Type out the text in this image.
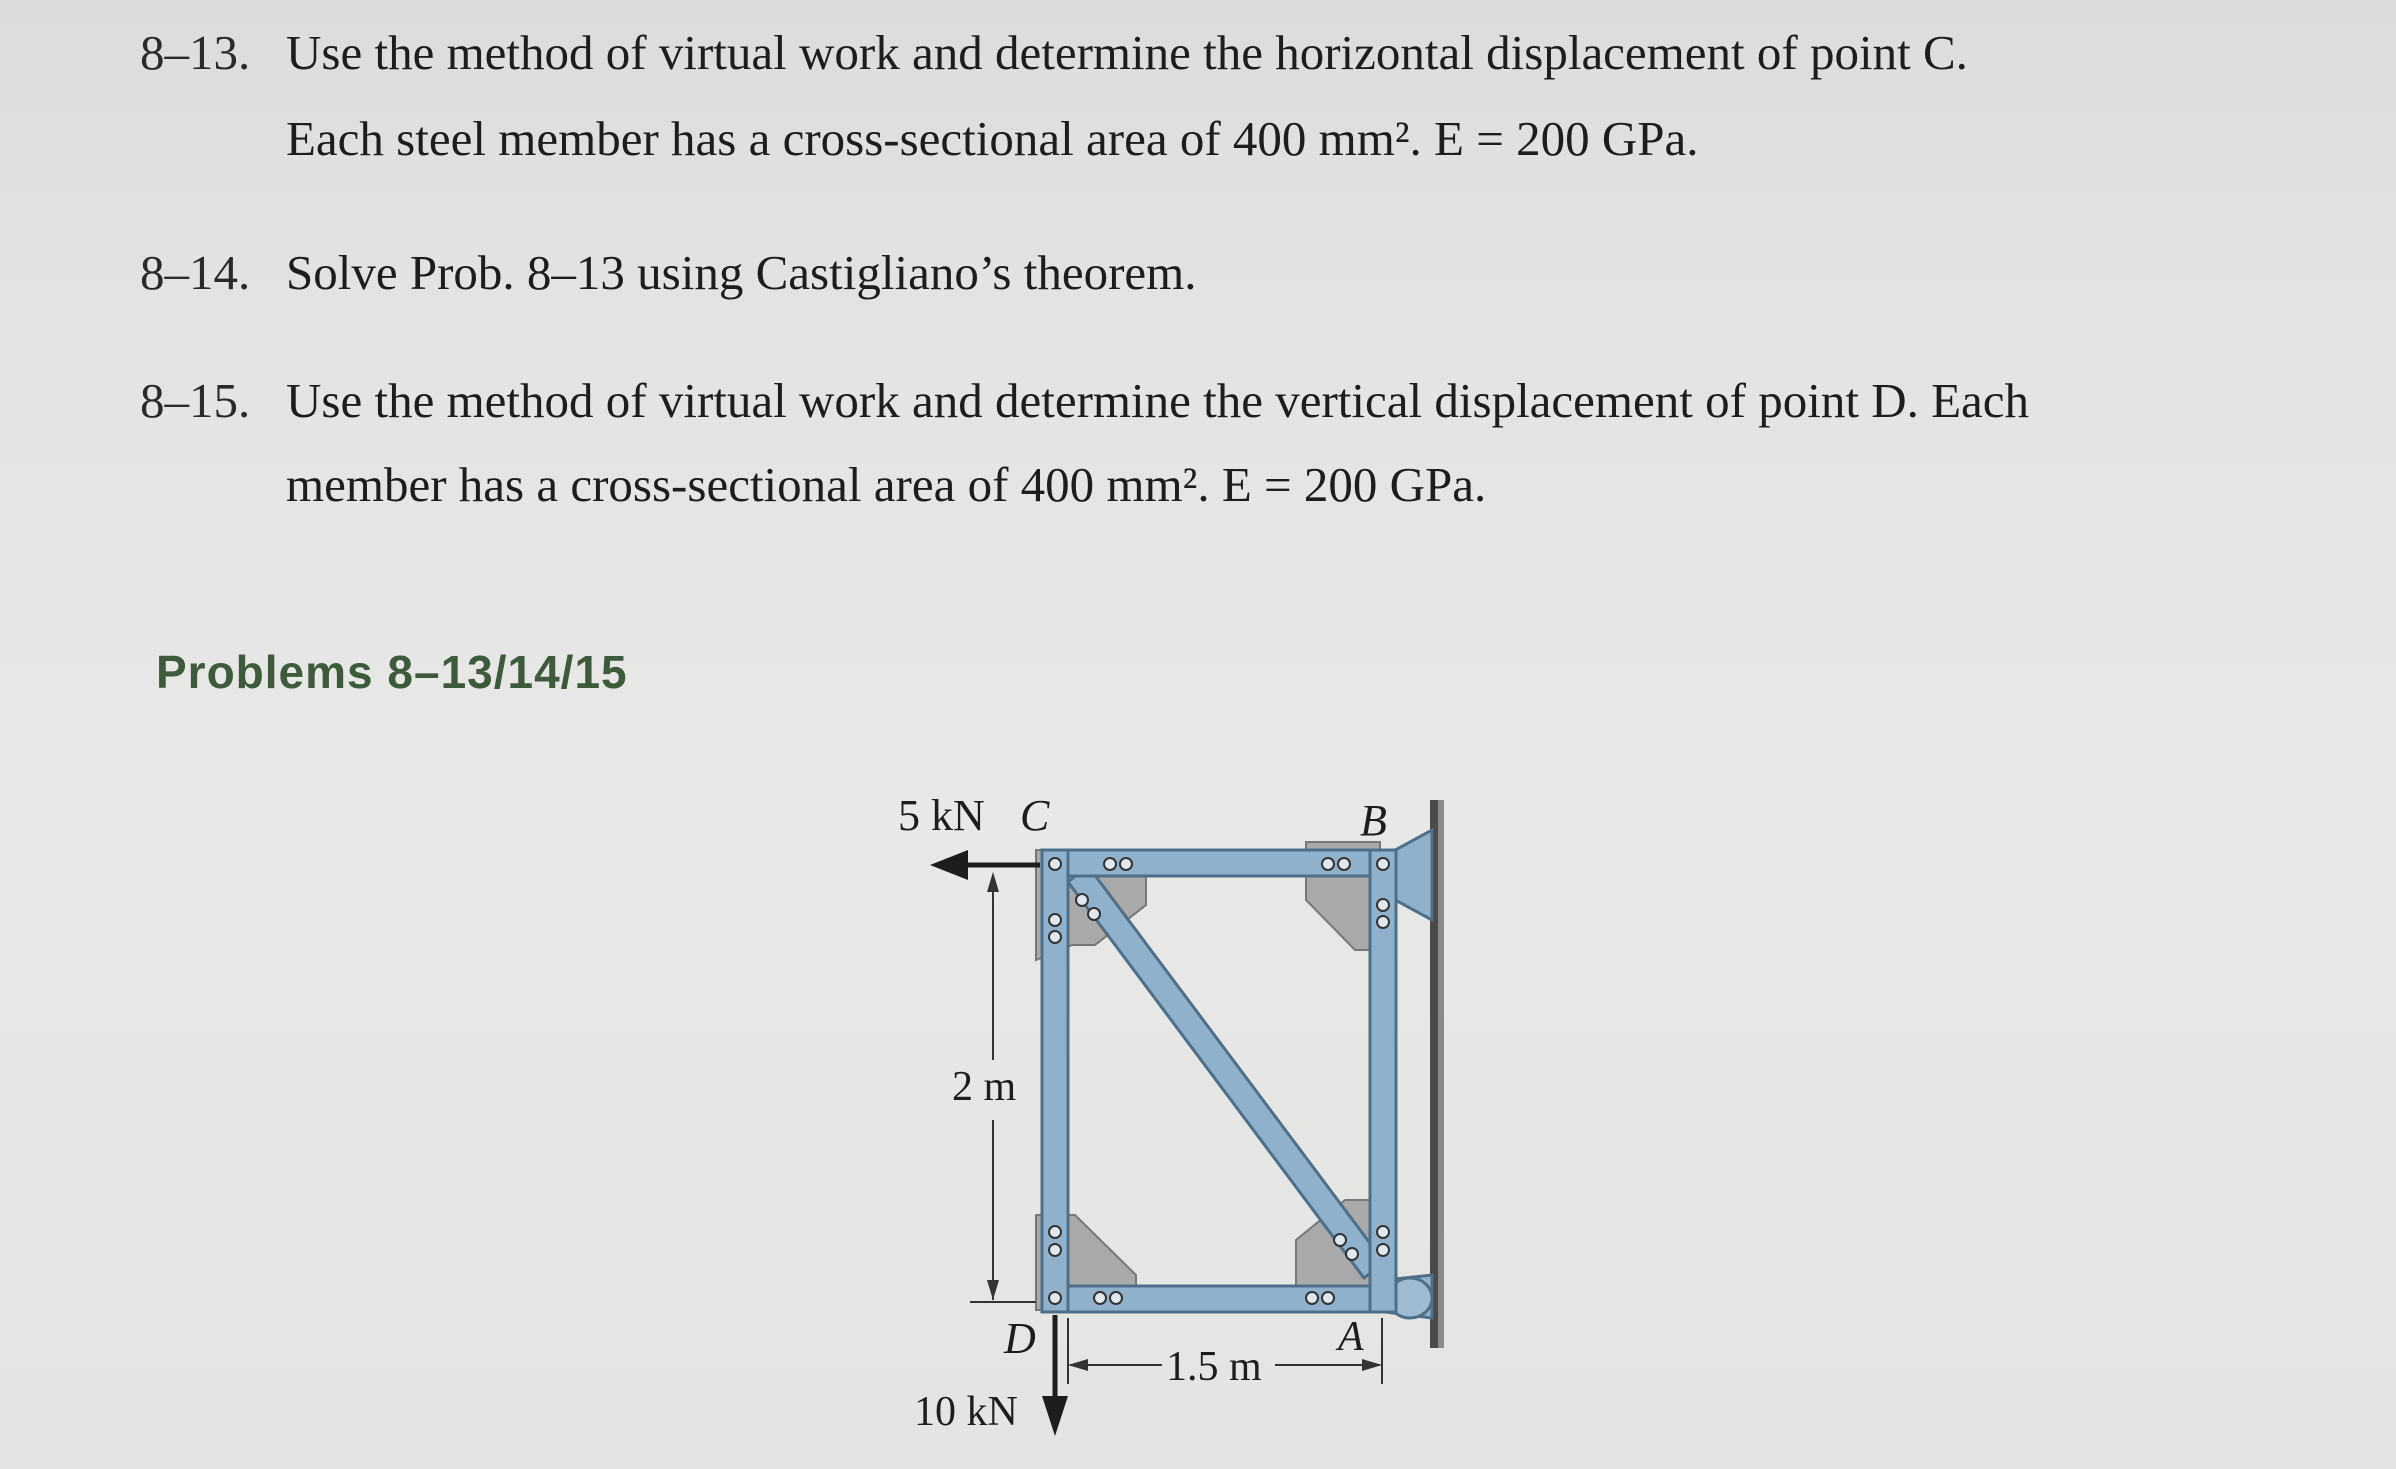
8–13. Use the method of virtual work and determine the horizontal displacement of point C.
Each steel member has a cross-sectional area of 400 mm². E = 200 GPa.
8–14. Solve Prob. 8–13 using Castigliano’s theorem.
8–15. Use the method of virtual work and determine the vertical displacement of point D. Each
member has a cross-sectional area of 400 mm². E = 200 GPa.
Problems 8–13/14/15
5 kN C	B
2 m
D
10 kN
1.5 m
A
